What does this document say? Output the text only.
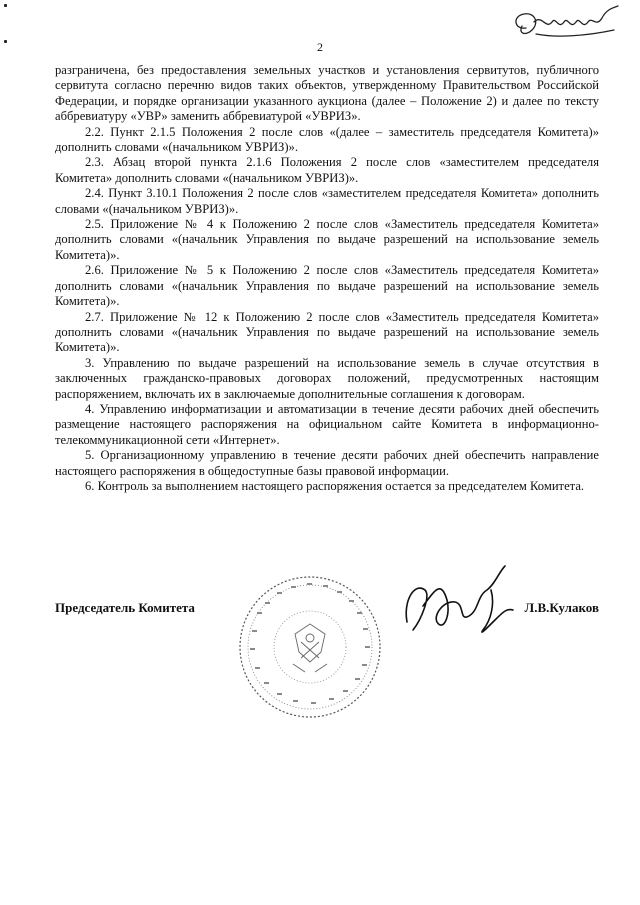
2

разграничена, без предоставления земельных участков и установления сервитутов, публичного сервитута согласно перечню видов таких объектов, утвержденному Правительством Российской Федерации, и порядке организации указанного аукциона (далее – Положение 2) и далее по тексту аббревиатуру «УВР» заменить аббревиатурой «УВРИЗ».

2.2. Пункт 2.1.5 Положения 2 после слов «(далее – заместитель председателя Комитета)» дополнить словами «(начальником УВРИЗ)».

2.3. Абзац второй пункта 2.1.6 Положения 2 после слов «заместителем председателя Комитета» дополнить словами «(начальником УВРИЗ)».

2.4. Пункт 3.10.1 Положения 2 после слов «заместителем председателя Комитета» дополнить словами «(начальником УВРИЗ)».

2.5. Приложение № 4 к Положению 2 после слов «Заместитель председателя Комитета» дополнить словами «(начальник Управления по выдаче разрешений на использование земель Комитета)».

2.6. Приложение № 5 к Положению 2 после слов «Заместитель председателя Комитета» дополнить словами «(начальник Управления по выдаче разрешений на использование земель Комитета)».

2.7. Приложение № 12 к Положению 2 после слов «Заместитель председателя Комитета» дополнить словами «(начальник Управления по выдаче разрешений на использование земель Комитета)».

3. Управлению по выдаче разрешений на использование земель в случае отсутствия в заключенных гражданско-правовых договорах положений, предусмотренных настоящим распоряжением, включать их в заключаемые дополнительные соглашения к договорам.

4. Управлению информатизации и автоматизации в течение десяти рабочих дней обеспечить размещение настоящего распоряжения на официальном сайте Комитета в информационно-телекоммуникационной сети «Интернет».

5. Организационному управлению в течение десяти рабочих дней обеспечить направление настоящего распоряжения в общедоступные базы правовой информации.

6. Контроль за выполнением настоящего распоряжения остается за председателем Комитета.

Председатель Комитета	Л.В.Кулаков
